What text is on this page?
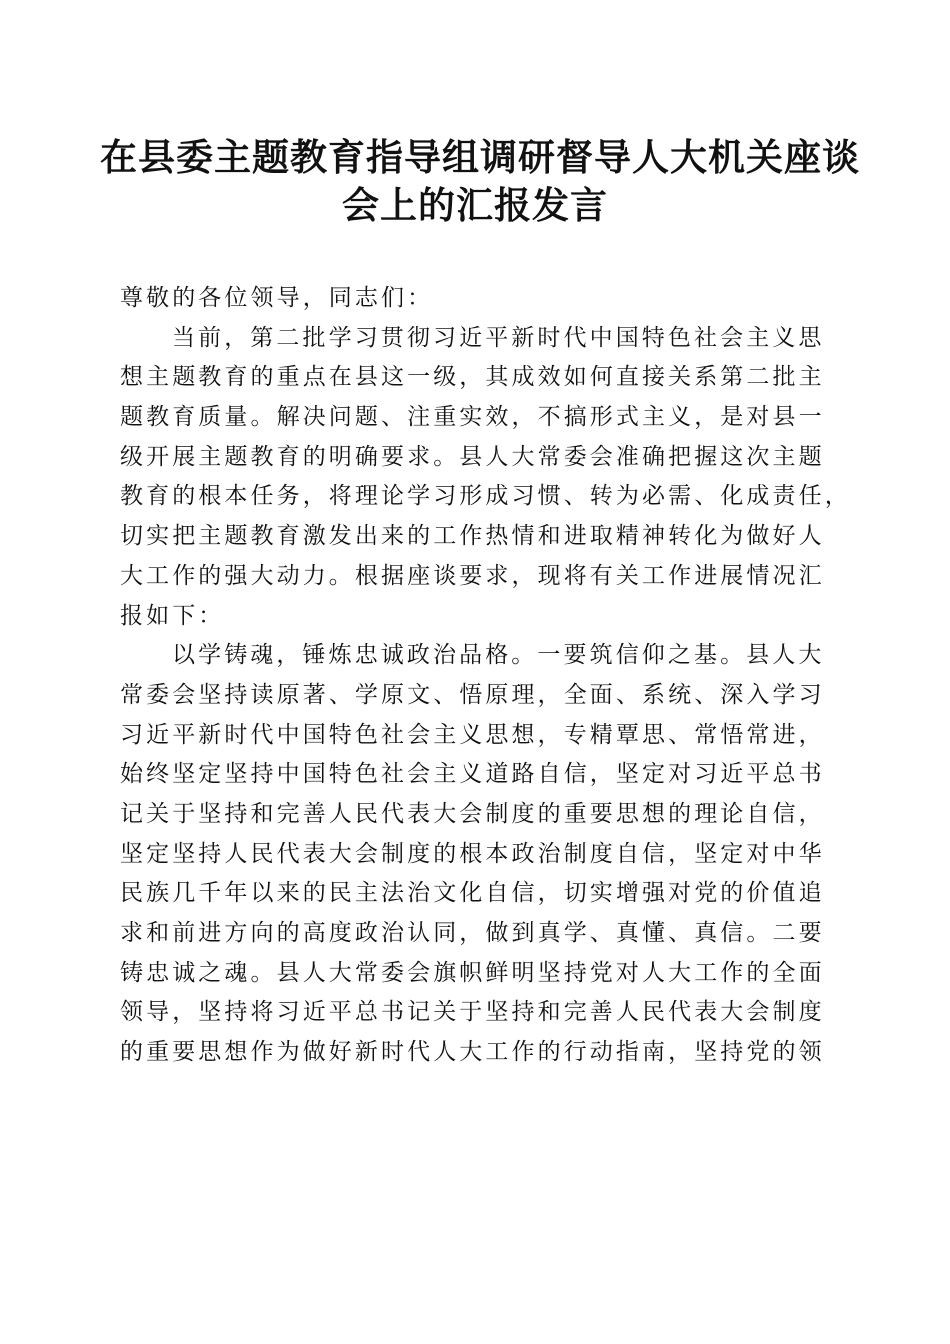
在县委主题教育指导组调研督导人大机关座谈
会上的汇报发言
尊敬的各位领导，同志们：
当前，第二批学习贯彻习近平新时代中国特色社会主义思
想主题教育的重点在县这一级，其成效如何直接关系第二批主
题教育质量。解决问题、注重实效，不搞形式主义，是对县一
级开展主题教育的明确要求。县人大常委会准确把握这次主题
教育的根本任务，将理论学习形成习惯、转为必需、化成责任，
切实把主题教育激发出来的工作热情和进取精神转化为做好人
大工作的强大动力。根据座谈要求，现将有关工作进展情况汇
报如下：
以学铸魂，锤炼忠诚政治品格。一要筑信仰之基。县人大
常委会坚持读原著、学原文、悟原理，全面、系统、深入学习
习近平新时代中国特色社会主义思想，专精覃思、常悟常进，
始终坚定坚持中国特色社会主义道路自信，坚定对习近平总书
记关于坚持和完善人民代表大会制度的重要思想的理论自信，
坚定坚持人民代表大会制度的根本政治制度自信，坚定对中华
民族几千年以来的民主法治文化自信，切实增强对党的价值追
求和前进方向的高度政治认同，做到真学、真懂、真信。二要
铸忠诚之魂。县人大常委会旗帜鲜明坚持党对人大工作的全面
领导，坚持将习近平总书记关于坚持和完善人民代表大会制度
的重要思想作为做好新时代人大工作的行动指南，坚持党的领
